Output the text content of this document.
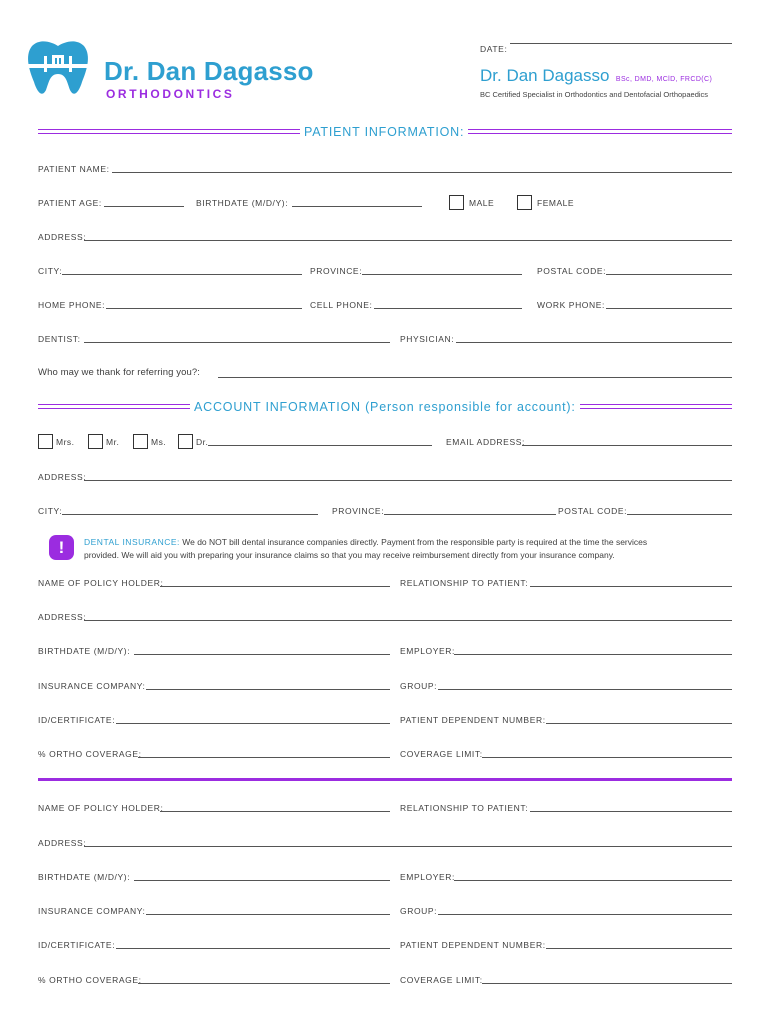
Dr. Dan Dagasso
ORTHODONTICS
DATE:
Dr. Dan Dagasso BSc, DMD, MClD, FRCD(C)
BC Certified Specialist in Orthodontics and Dentofacial Orthopaedics
PATIENT INFORMATION:
PATIENT NAME:
PATIENT AGE:	BIRTHDATE (M/D/Y):	MALE	FEMALE
ADDRESS:
CITY:	PROVINCE:	POSTAL CODE:
HOME PHONE:	CELL PHONE:	WORK PHONE:
DENTIST:	PHYSICIAN:
Who may we thank for referring you?:
ACCOUNT INFORMATION (Person responsible for account):
Mrs.	Mr.	Ms.	Dr.	EMAIL ADDRESS:
ADDRESS:
CITY:	PROVINCE:	POSTAL CODE:
!	DENTAL INSURANCE: We do NOT bill dental insurance companies directly. Payment from the responsible party is required at the time the services
provided. We will aid you with preparing your insurance claims so that you may receive reimbursement directly from your insurance company.
NAME OF POLICY HOLDER:	RELATIONSHIP TO PATIENT:
ADDRESS:
BIRTHDATE (M/D/Y):	EMPLOYER:
INSURANCE COMPANY:	GROUP:
ID/CERTIFICATE:	PATIENT DEPENDENT NUMBER:
% ORTHO COVERAGE:	COVERAGE LIMIT:
NAME OF POLICY HOLDER:	RELATIONSHIP TO PATIENT:
ADDRESS:
BIRTHDATE (M/D/Y):	EMPLOYER:
INSURANCE COMPANY:	GROUP:
ID/CERTIFICATE:	PATIENT DEPENDENT NUMBER:
% ORTHO COVERAGE:	COVERAGE LIMIT:
